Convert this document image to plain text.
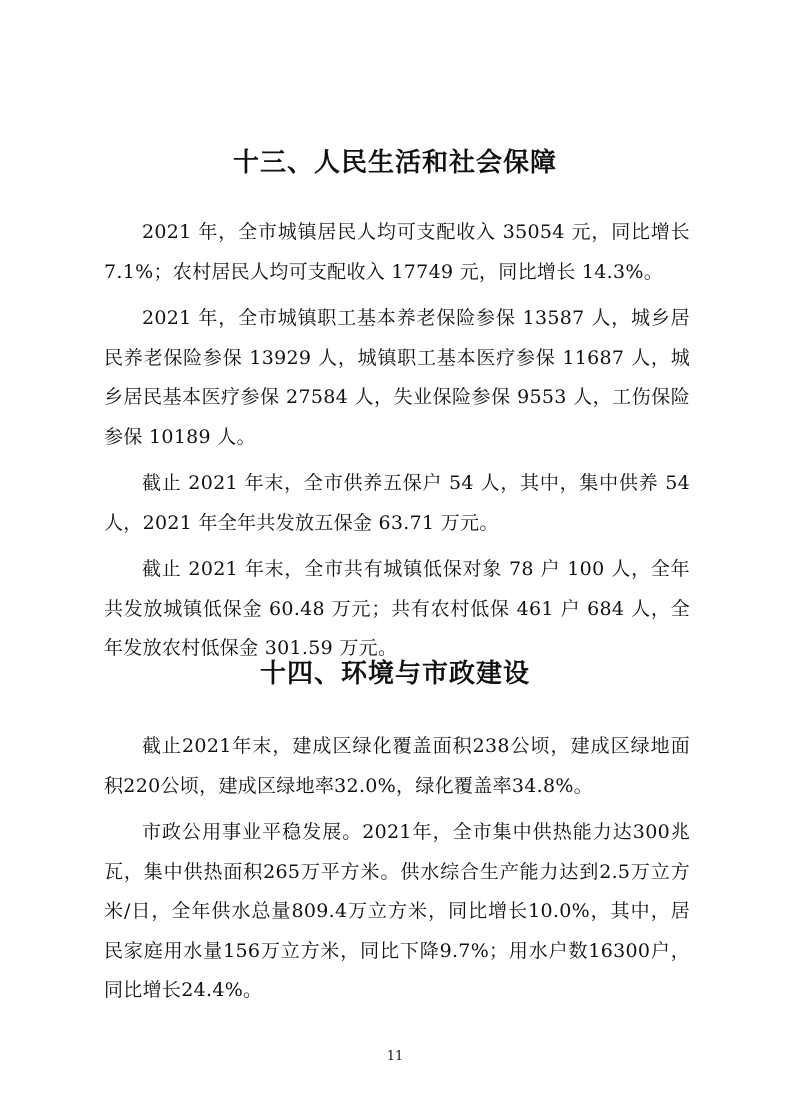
十三、人民生活和社会保障

2021 年，全市城镇居民人均可支配收入 35054 元，同比增长 7.1%；农村居民人均可支配收入 17749 元，同比增长 14.3%。

2021 年，全市城镇职工基本养老保险参保 13587 人，城乡居民养老保险参保 13929 人，城镇职工基本医疗参保 11687 人，城乡居民基本医疗参保 27584 人，失业保险参保 9553 人，工伤保险参保 10189 人。

截止 2021 年末，全市供养五保户 54 人，其中，集中供养 54 人，2021 年全年共发放五保金 63.71 万元。

截止 2021 年末，全市共有城镇低保对象 78 户 100 人，全年共发放城镇低保金 60.48 万元；共有农村低保 461 户 684 人，全年发放农村低保金 301.59 万元。

十四、环境与市政建设

截止2021年末，建成区绿化覆盖面积238公顷，建成区绿地面积220公顷，建成区绿地率32.0%，绿化覆盖率34.8%。

市政公用事业平稳发展。2021年，全市集中供热能力达300兆瓦，集中供热面积265万平方米。供水综合生产能力达到2.5万立方米/日，全年供水总量809.4万立方米，同比增长10.0%，其中，居民家庭用水量156万立方米，同比下降9.7%；用水户数16300户，同比增长24.4%。

11
